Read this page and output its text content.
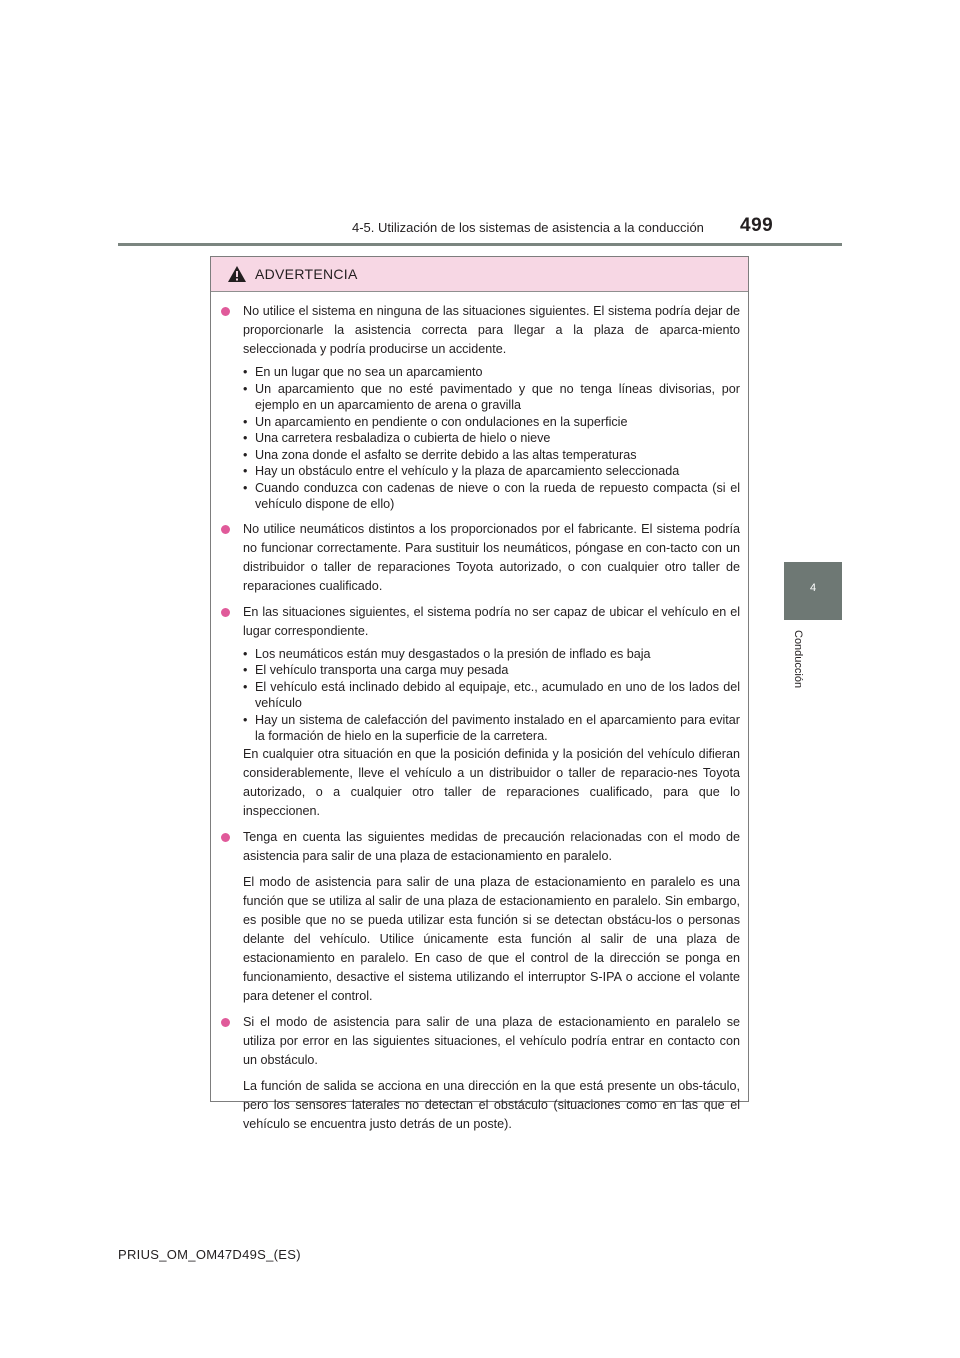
4-5. Utilización de los sistemas de asistencia a la conducción 499
4
Conducción
ADVERTENCIA
No utilice el sistema en ninguna de las situaciones siguientes. El sistema podría dejar de proporcionarle la asistencia correcta para llegar a la plaza de aparca-miento seleccionada y podría producirse un accidente.
• En un lugar que no sea un aparcamiento
• Un aparcamiento que no esté pavimentado y que no tenga líneas divisorias, por ejemplo en un aparcamiento de arena o gravilla
• Un aparcamiento en pendiente o con ondulaciones en la superficie
• Una carretera resbaladiza o cubierta de hielo o nieve
• Una zona donde el asfalto se derrite debido a las altas temperaturas
• Hay un obstáculo entre el vehículo y la plaza de aparcamiento seleccionada
• Cuando conduzca con cadenas de nieve o con la rueda de repuesto compacta (si el vehículo dispone de ello)
No utilice neumáticos distintos a los proporcionados por el fabricante. El sistema podría no funcionar correctamente. Para sustituir los neumáticos, póngase en con-tacto con un distribuidor o taller de reparaciones Toyota autorizado, o con cualquier otro taller de reparaciones cualificado.
En las situaciones siguientes, el sistema podría no ser capaz de ubicar el vehículo en el lugar correspondiente.
• Los neumáticos están muy desgastados o la presión de inflado es baja
• El vehículo transporta una carga muy pesada
• El vehículo está inclinado debido al equipaje, etc., acumulado en uno de los lados del vehículo
• Hay un sistema de calefacción del pavimento instalado en el aparcamiento para evitar la formación de hielo en la superficie de la carretera.
En cualquier otra situación en que la posición definida y la posición del vehículo difieran considerablemente, lleve el vehículo a un distribuidor o taller de reparacio-nes Toyota autorizado, o a cualquier otro taller de reparaciones cualificado, para que lo inspeccionen.
Tenga en cuenta las siguientes medidas de precaución relacionadas con el modo de asistencia para salir de una plaza de estacionamiento en paralelo.
El modo de asistencia para salir de una plaza de estacionamiento en paralelo es una función que se utiliza al salir de una plaza de estacionamiento en paralelo. Sin embargo, es posible que no se pueda utilizar esta función si se detectan obstácu-los o personas delante del vehículo. Utilice únicamente esta función al salir de una plaza de estacionamiento en paralelo. En caso de que el control de la dirección se ponga en funcionamiento, desactive el sistema utilizando el interruptor S-IPA o accione el volante para detener el control.
Si el modo de asistencia para salir de una plaza de estacionamiento en paralelo se utiliza por error en las siguientes situaciones, el vehículo podría entrar en contacto con un obstáculo.
La función de salida se acciona en una dirección en la que está presente un obs-táculo, pero los sensores laterales no detectan el obstáculo (situaciones como en las que el vehículo se encuentra justo detrás de un poste).
PRIUS_OM_OM47D49S_(ES)
